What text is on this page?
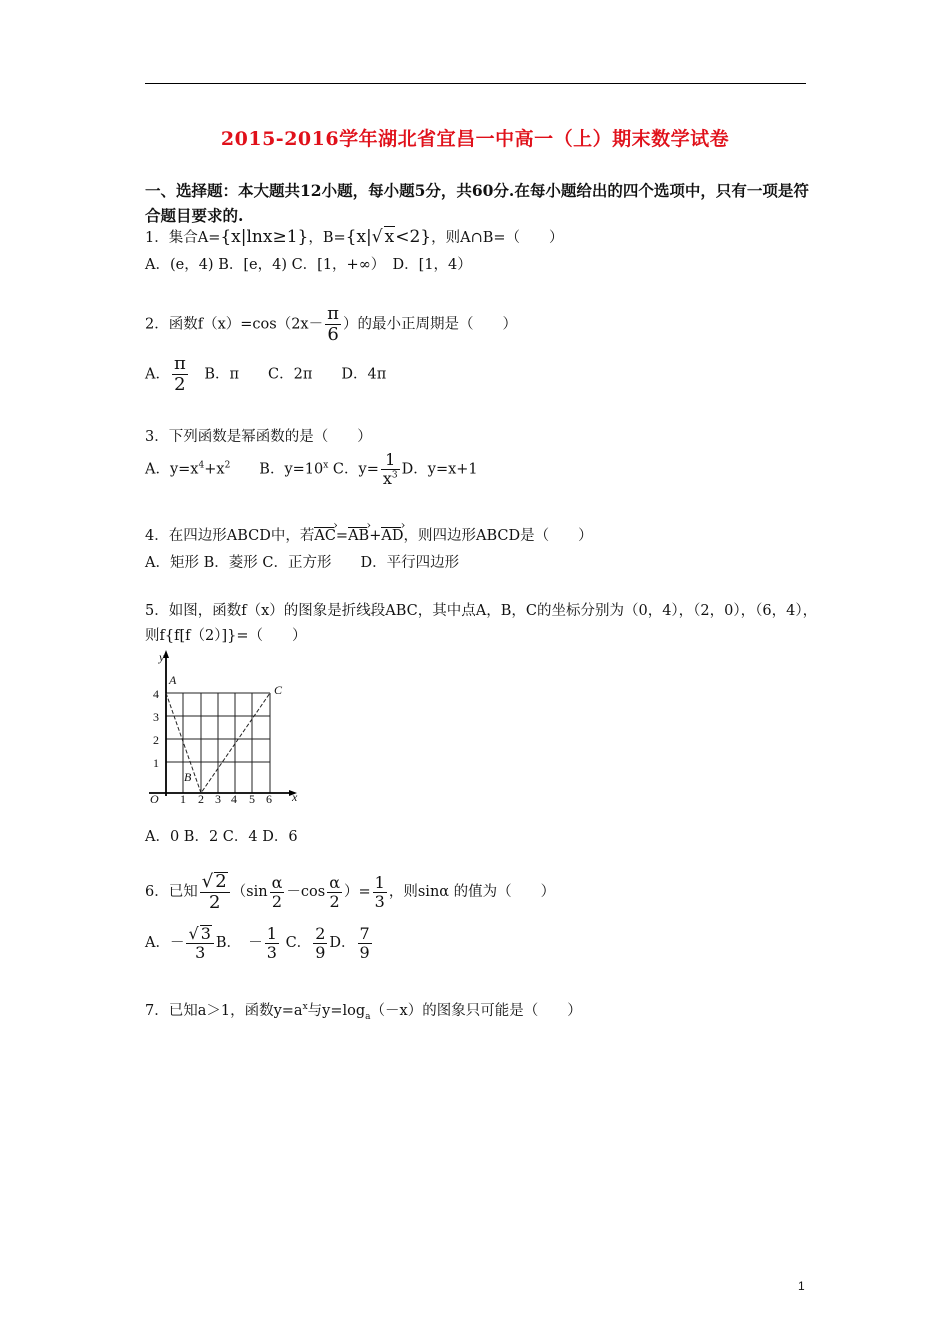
2015-2016学年湖北省宜昌一中高一（上）期末数学试卷
一、选择题：本大题共12小题，每小题5分，共60分.在每小题给出的四个选项中，只有一项是符合题目要求的.
1．集合A={x|lnx≥1}，B={x|√ x<2}，则A∩B=（　　）
A．(e，4) B．[e，4) C．[1，+∞）　D．[1，4）
2．函数$f(x)=\cos(2x- \frac{\pi}{6}$ ）的最小正周期是（　　）
A． $\frac{\pi}{2}$ 　B．π　　C．2π　　D．4π
3．下列函数是幂函数的是（　　）
A．$y=x^4+x^2$　　B．$y=10^x$ C．$y= \frac{1}{x^3}$ D．y=x+1
4．在四边形ABCD中，若AC ›=AB ›+AD ›，则四边形ABCD是（　　）
A．矩形 B．菱形 C．正方形　　D．平行四边形
5．如图，函数f（x）的图象是折线段ABC，其中点A，B，C的坐标分别为（0，4），（2，0），（6，4），
则f{f[f（2）]}=（　　）
y
x
A
B
C
O 1 2 3 4 5 6
1
2
3
4
A．0 B．2 C．4 D．6
6．已知 $\frac{√ 2}{2} (\sin \frac{\alpha}{2} -\cos \frac{\alpha}{2}$ ）= $\frac{1}{3}$ ，则sinα 的值为（　　）
A．－ $\frac{√ 3}{3}$ B．　－ $\frac{1}{3}$ C． $\frac{2}{9}$ D． $\frac{7}{9}$
7．已知a＞1，函数$y=a^x$与$y=\log_a(-x)$的图象只可能是（　　）
1
